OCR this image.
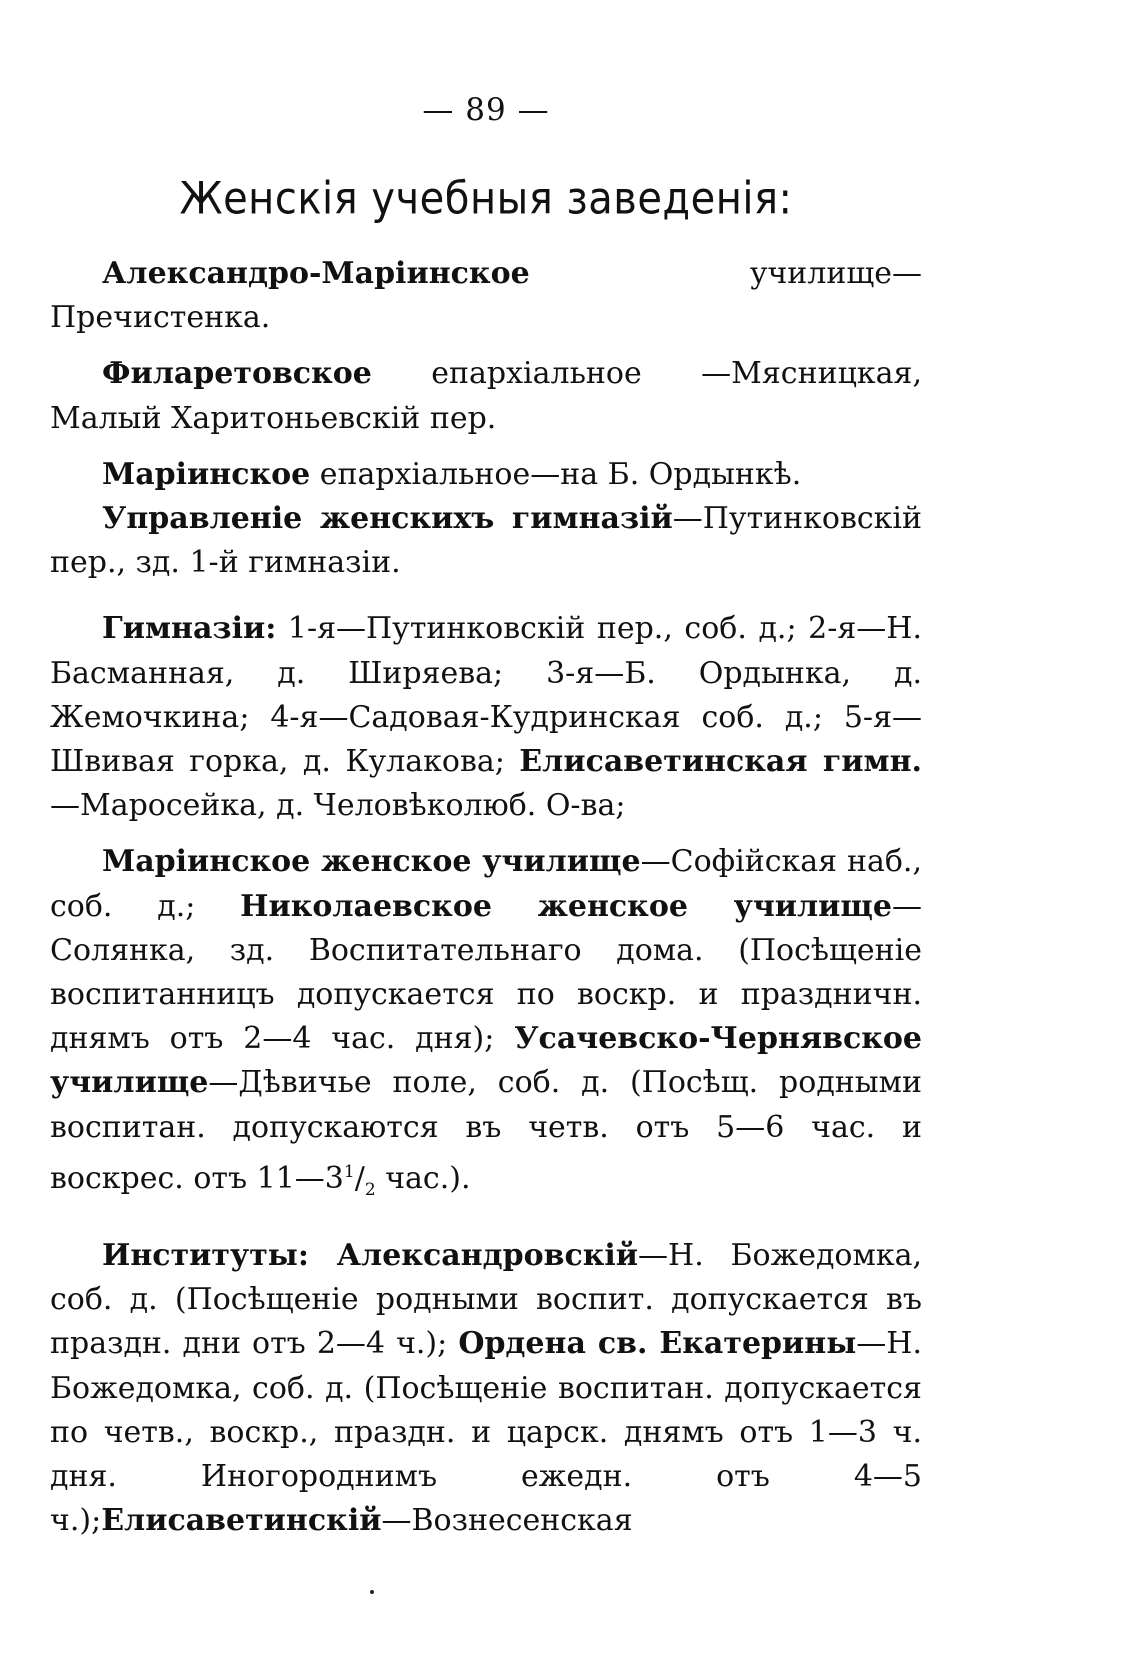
— 89 —
Женскія учебныя заведенія:

Александро-Маріинское училище—Пречистенка.

Филаретовское епархіальное —Мясницкая, Малый Харитоньевскій пер.

Маріинское епархіальное—на Б. Ордынкѣ.

Управленіе женскихъ гимназій—Путинковскій пер., зд. 1-й гимназіи.

Гимназіи: 1-я—Путинковскій пер., соб. д.; 2-я—Н. Басманная, д. Ширяева; 3-я—Б. Ордынка, д. Жемочкина; 4-я—Садовая-Кудринская соб. д.; 5-я—Швивая горка, д. Кулакова; Елисаветинская гимн.—Маросейка, д. Человѣколюб. О-ва;

Маріинское женское училище—Софійская наб., соб. д.; Николаевское женское училище—Солянка, зд. Воспитательнаго дома. (Посѣщеніе воспитанницъ допускается по воскр. и праздничн. днямъ отъ 2—4 час. дня); Усачевско-Чернявское училище—Дѣвичье поле, соб. д. (Посѣщ. родными воспитан. допускаются въ четв. отъ 5—6 час. и воскрес. отъ $11—3^1/_2$ час.).

Институты: Александровскій—Н. Божедомка, соб. д. (Посѣщеніе родными воспит. допускается въ праздн. дни отъ 2—4 ч.); Ордена св. Екатерины—Н. Божедомка, соб. д. (Посѣщеніе воспитан. допускается по четв., воскр., праздн. и царск. днямъ отъ 1—3 ч. дня. Иногороднимъ ежедн. отъ 4—5 ч.);Елисаветинскій—Вознесенская
